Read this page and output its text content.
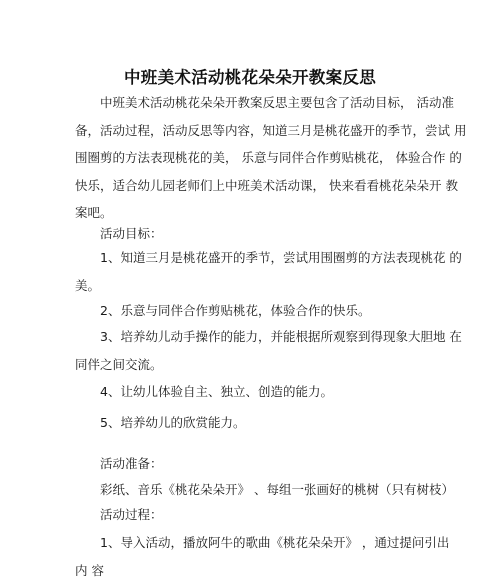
中班美术活动桃花朵朵开教案反思
中班美术活动桃花朵朵开教案反思主要包含了活动目标， 活动准
备，活动过程，活动反思等内容，知道三月是桃花盛开的季节，尝试 用
围圈剪的方法表现桃花的美， 乐意与同伴合作剪贴桃花， 体验合作 的
快乐，适合幼儿园老师们上中班美术活动课， 快来看看桃花朵朵开 教
案吧。
活动目标：
1、知道三月是桃花盛开的季节，尝试用围圈剪的方法表现桃花 的
美。
2、乐意与同伴合作剪贴桃花，体验合作的快乐。
3、培养幼儿动手操作的能力，并能根据所观察到得现象大胆地 在
同伴之间交流。
4、让幼儿体验自主、独立、创造的能力。
5、培养幼儿的欣赏能力。
活动准备：
彩纸、音乐《桃花朵朵开》 、每组一张画好的桃树（只有树枝）
活动过程：
1、导入活动，播放阿牛的歌曲《桃花朵朵开》 ，通过提问引出
内 容
